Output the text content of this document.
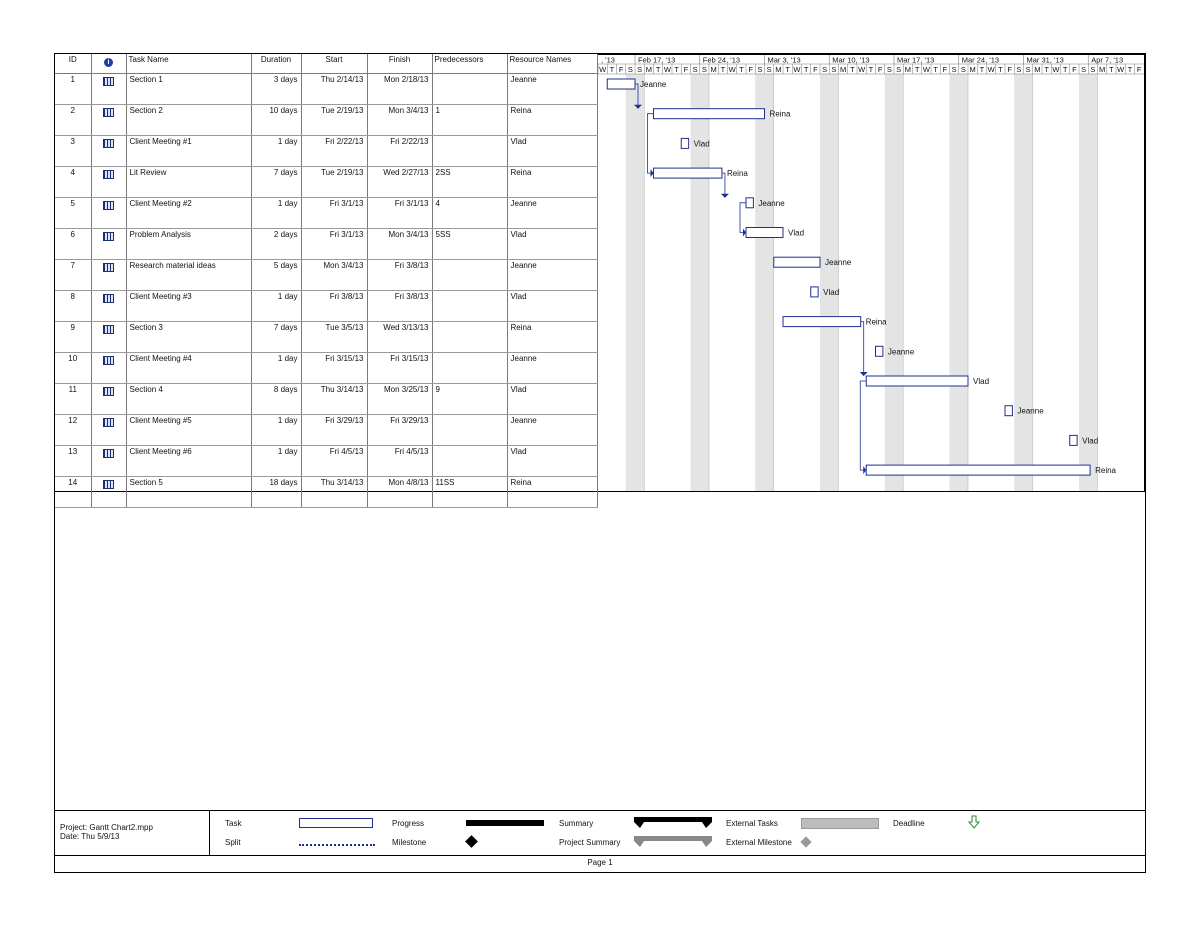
ID	i	Task Name	Duration	Start	Finish	Predecessors	Resource Names
1		Section 1	3 days	Thu 2/14/13	Mon 2/18/13		Jeanne
2		Section 2	10 days	Tue 2/19/13	Mon 3/4/13	1	Reina
3		Client Meeting #1	1 day	Fri 2/22/13	Fri 2/22/13		Vlad
4		Lit Review	7 days	Tue 2/19/13	Wed 2/27/13	2SS	Reina
5		Client Meeting #2	1 day	Fri 3/1/13	Fri 3/1/13	4	Jeanne
6		Problem Analysis	2 days	Fri 3/1/13	Mon 3/4/13	5SS	Vlad
7		Research material ideas	5 days	Mon 3/4/13	Fri 3/8/13		Jeanne
8		Client Meeting #3	1 day	Fri 3/8/13	Fri 3/8/13		Vlad
9		Section 3	7 days	Tue 3/5/13	Wed 3/13/13		Reina
10		Client Meeting #4	1 day	Fri 3/15/13	Fri 3/15/13		Jeanne
11		Section 4	8 days	Thu 3/14/13	Mon 3/25/13	9	Vlad
12		Client Meeting #5	1 day	Fri 3/29/13	Fri 3/29/13		Jeanne
13		Client Meeting #6	1 day	Fri 4/5/13	Fri 4/5/13		Vlad
14		Section 5	18 days	Thu 3/14/13	Mon 4/8/13	11SS	Reina
, '13	Feb 17, '13	Feb 24, '13	Mar 3, '13	Mar 10, '13	Mar 17, '13	Mar 24, '13	Mar 31, '13	Apr 7, '13
W T F S S M T W T F S S M T W T F S S M T W T F S S M T W T F S S M T W T F S S M T W T F S S M T W T F S S M T W T F
Jeanne
Reina
Vlad
Reina
Jeanne
Vlad
Jeanne
Vlad
Reina
Jeanne
Vlad
Jeanne
Vlad
Reina
Project: Gantt Chart2.mpp
Date: Thu 5/9/13
Task
Split
Progress
Milestone
Summary
Project Summary
External Tasks
External Milestone
Deadline
Page 1
